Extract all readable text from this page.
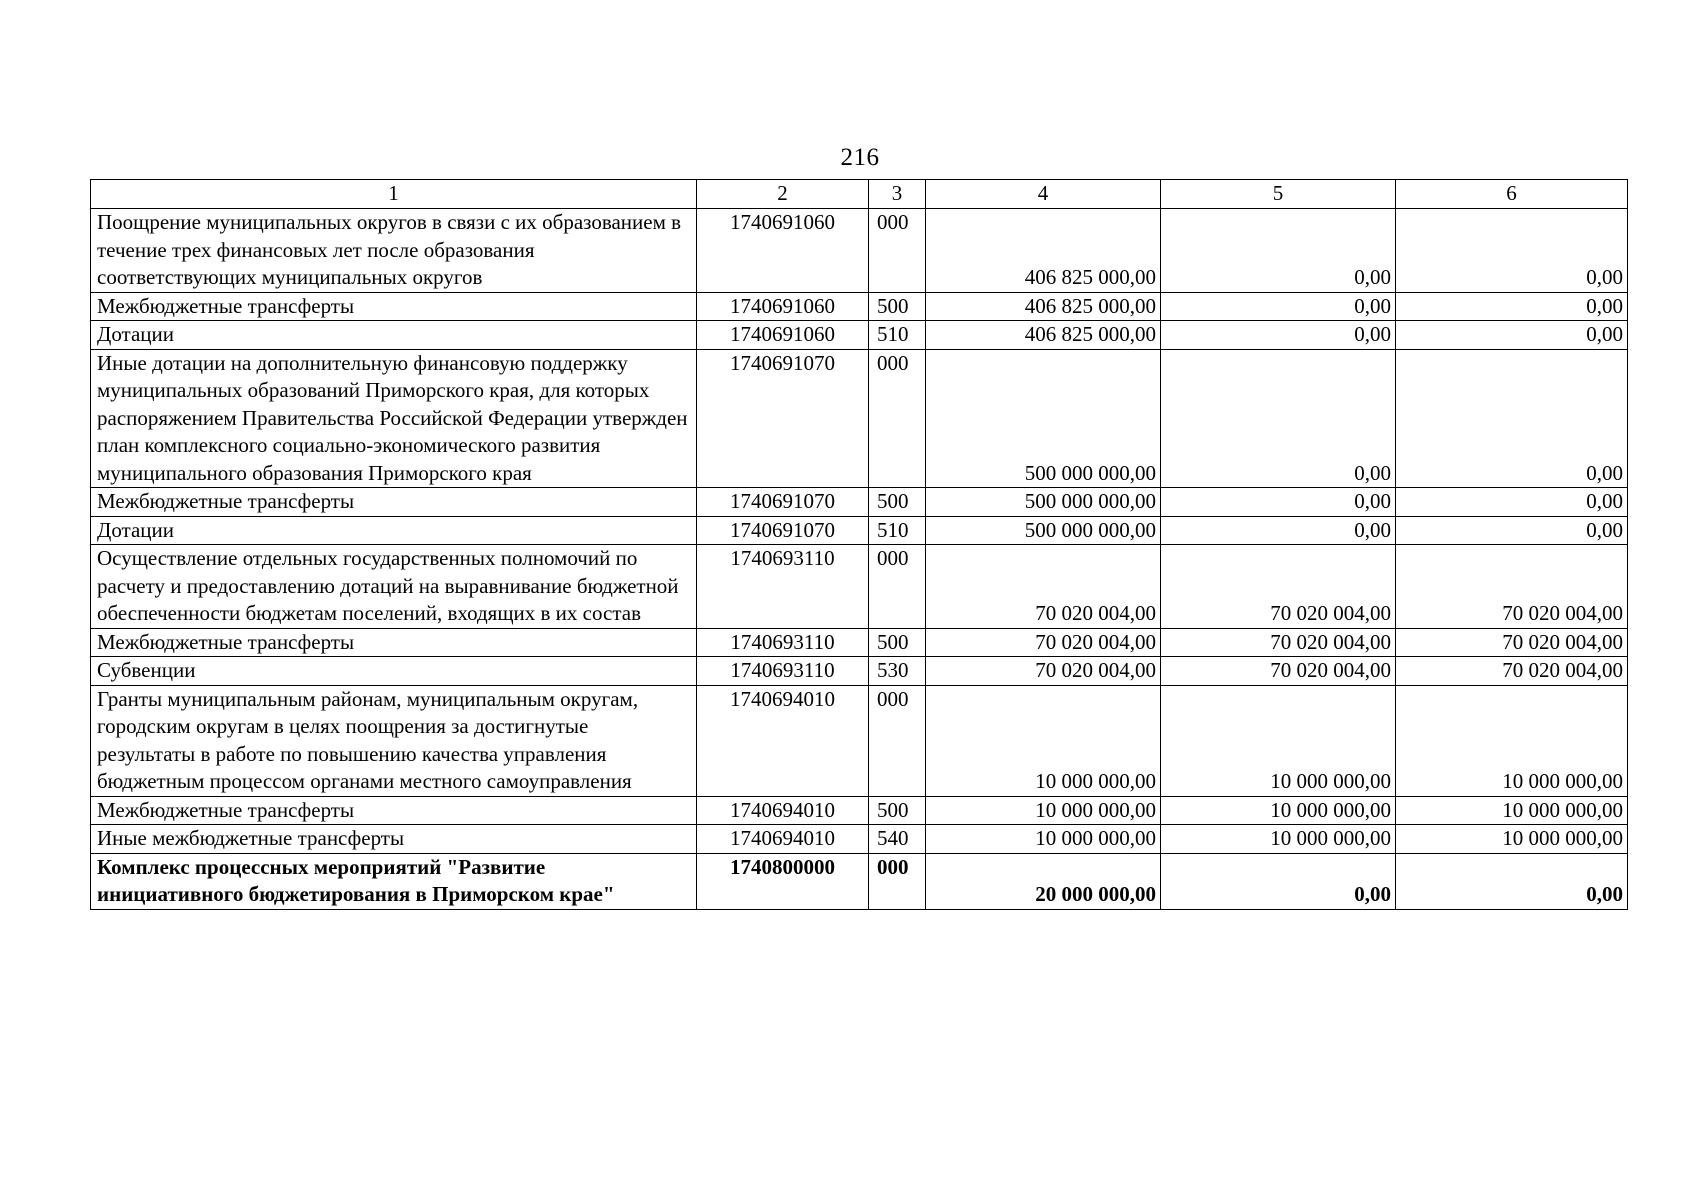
216
1	2	3	4	5	6
Поощрение муниципальных округов в связи с их образованием в течение трех финансовых лет после образования соответствующих муниципальных округов	1740691060	000	406 825 000,00	0,00	0,00
Межбюджетные трансферты	1740691060	500	406 825 000,00	0,00	0,00
Дотации	1740691060	510	406 825 000,00	0,00	0,00
Иные дотации на дополнительную финансовую поддержку муниципальных образований Приморского края, для которых распоряжением Правительства Российской Федерации утвержден план комплексного социально-экономического развития муниципального образования Приморского края	1740691070	000	500 000 000,00	0,00	0,00
Межбюджетные трансферты	1740691070	500	500 000 000,00	0,00	0,00
Дотации	1740691070	510	500 000 000,00	0,00	0,00
Осуществление отдельных государственных полномочий по расчету и предоставлению дотаций на выравнивание бюджетной обеспеченности бюджетам поселений, входящих в их состав	1740693110	000	70 020 004,00	70 020 004,00	70 020 004,00
Межбюджетные трансферты	1740693110	500	70 020 004,00	70 020 004,00	70 020 004,00
Субвенции	1740693110	530	70 020 004,00	70 020 004,00	70 020 004,00
Гранты муниципальным районам, муниципальным округам, городским округам в целях поощрения за достигнутые результаты в работе по повышению качества управления бюджетным процессом органами местного самоуправления	1740694010	000	10 000 000,00	10 000 000,00	10 000 000,00
Межбюджетные трансферты	1740694010	500	10 000 000,00	10 000 000,00	10 000 000,00
Иные межбюджетные трансферты	1740694010	540	10 000 000,00	10 000 000,00	10 000 000,00
Комплекс процессных мероприятий "Развитие инициативного бюджетирования в Приморском крае"	1740800000	000	20 000 000,00	0,00	0,00
